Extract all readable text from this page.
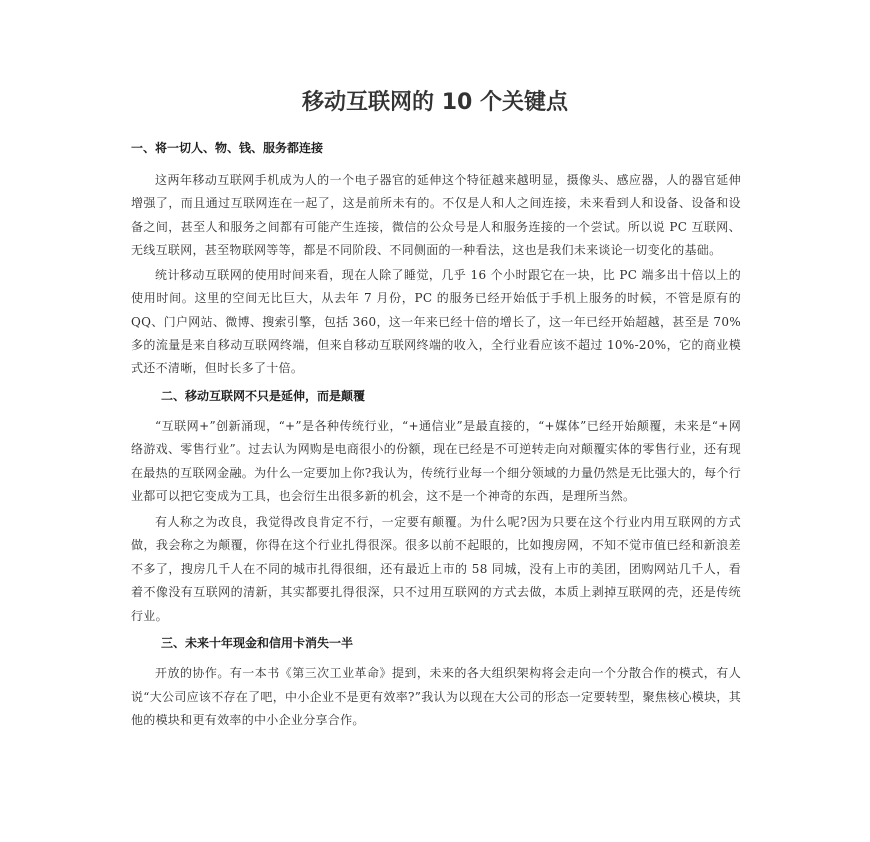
移动互联网的 10 个关键点
一、将一切人、物、钱、服务都连接

这两年移动互联网手机成为人的一个电子器官的延伸这个特征越来越明显，摄像头、感应器，人的器官延伸增强了，而且通过互联网连在一起了，这是前所未有的。不仅是人和人之间连接，未来看到人和设备、设备和设备之间，甚至人和服务之间都有可能产生连接，微信的公众号是人和服务连接的一个尝试。所以说 PC 互联网、无线互联网，甚至物联网等等，都是不同阶段、不同侧面的一种看法，这也是我们未来谈论一切变化的基础。

统计移动互联网的使用时间来看，现在人除了睡觉，几乎 16 个小时跟它在一块，比 PC 端多出十倍以上的使用时间。这里的空间无比巨大，从去年 7 月份，PC 的服务已经开始低于手机上服务的时候，不管是原有的 QQ、门户网站、微博、搜索引擎，包括 360，这一年来已经十倍的增长了，这一年已经开始超越，甚至是 70%多的流量是来自移动互联网终端，但来自移动互联网终端的收入，全行业看应该不超过 10%-20%，它的商业模式还不清晰，但时长多了十倍。

二、移动互联网不只是延伸，而是颠覆

“互联网+”创新涌现，“+”是各种传统行业，“+通信业”是最直接的，“+媒体”已经开始颠覆，未来是“+网络游戏、零售行业”。过去认为网购是电商很小的份额，现在已经是不可逆转走向对颠覆实体的零售行业，还有现在最热的互联网金融。为什么一定要加上你?我认为，传统行业每一个细分领域的力量仍然是无比强大的，每个行业都可以把它变成为工具，也会衍生出很多新的机会，这不是一个神奇的东西，是理所当然。

有人称之为改良，我觉得改良肯定不行，一定要有颠覆。为什么呢?因为只要在这个行业内用互联网的方式做，我会称之为颠覆，你得在这个行业扎得很深。很多以前不起眼的，比如搜房网，不知不觉市值已经和新浪差不多了，搜房几千人在不同的城市扎得很细，还有最近上市的 58 同城，没有上市的美团，团购网站几千人，看着不像没有互联网的清新，其实都要扎得很深，只不过用互联网的方式去做，本质上剥掉互联网的壳，还是传统行业。

三、未来十年现金和信用卡消失一半

开放的协作。有一本书《第三次工业革命》提到，未来的各大组织架构将会走向一个分散合作的模式，有人说“大公司应该不存在了吧，中小企业不是更有效率?”我认为以现在大公司的形态一定要转型，聚焦核心模块，其他的模块和更有效率的中小企业分享合作。
